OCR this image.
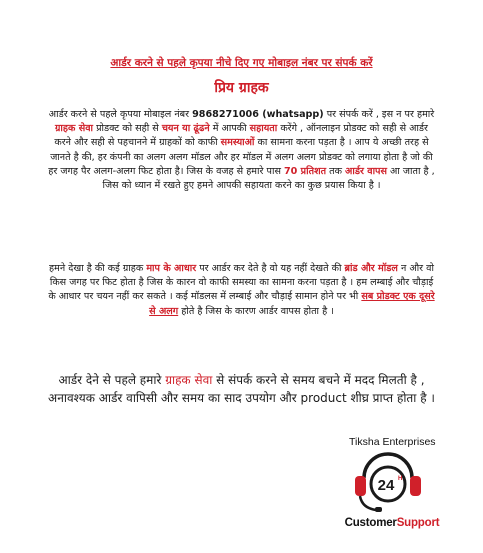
आर्डर करने से पहले कृपया नीचे दिए गए मोबाइल नंबर पर संपर्क करें
प्रिय ग्राहक
आर्डर करने से पहले कृपया मोबाइल नंबर 9868271006 (whatsapp) पर संपर्क करें , इस न पर हमारे ग्राहक सेवा प्रोडक्ट को सही से चयन या ढूंढने में आपकी सहायता करेंगे , ऑनलाइन प्रोडक्ट को सही से आर्डर करने और सही से पहचानने में ग्राहकों को काफी समस्याओं का सामना करना पड़ता है । आप ये अच्छी तरह से जानते है की, हर कंपनी का अलग अलग मॉडल और हर मॉडल में अलग अलग प्रोडक्ट को लगाया होता है जो की हर जगह पैर अलग-अलग फिट होता है। जिस के वजह से हमारे पास 70 प्रतिशत तक आर्डर वापस आ जाता है , जिस को ध्यान में रखते हुए हमने आपकी सहायता करने का कुछ प्रयास किया है ।
हमने देखा है की कई ग्राहक माप के आधार पर आर्डर कर देते है वो यह नहीं देखते की ब्रांड और मॉडल न और वो किस जगह पर फिट होता है जिस के कारन वो काफी समस्या का सामना करना पड़ता है । हम लम्बाई और चौड़ाई के आधार पर चयन नहीं कर सकते । कई मॉडलस में लम्बाई और चौड़ाई सामान होने पर भी सब प्रोडक्ट एक दूसरे से अलग होते है जिस के कारण आर्डर वापस होता है ।
आर्डर देने से पहले हमारे ग्राहक सेवा से संपर्क करने से समय बचने में मदद मिलती है , अनावश्यक आर्डर वापिसी और समय का साद उपयोग और product शीघ्र प्राप्त होता है ।
Tiksha Enterprises
24 H
CustomerSupport
